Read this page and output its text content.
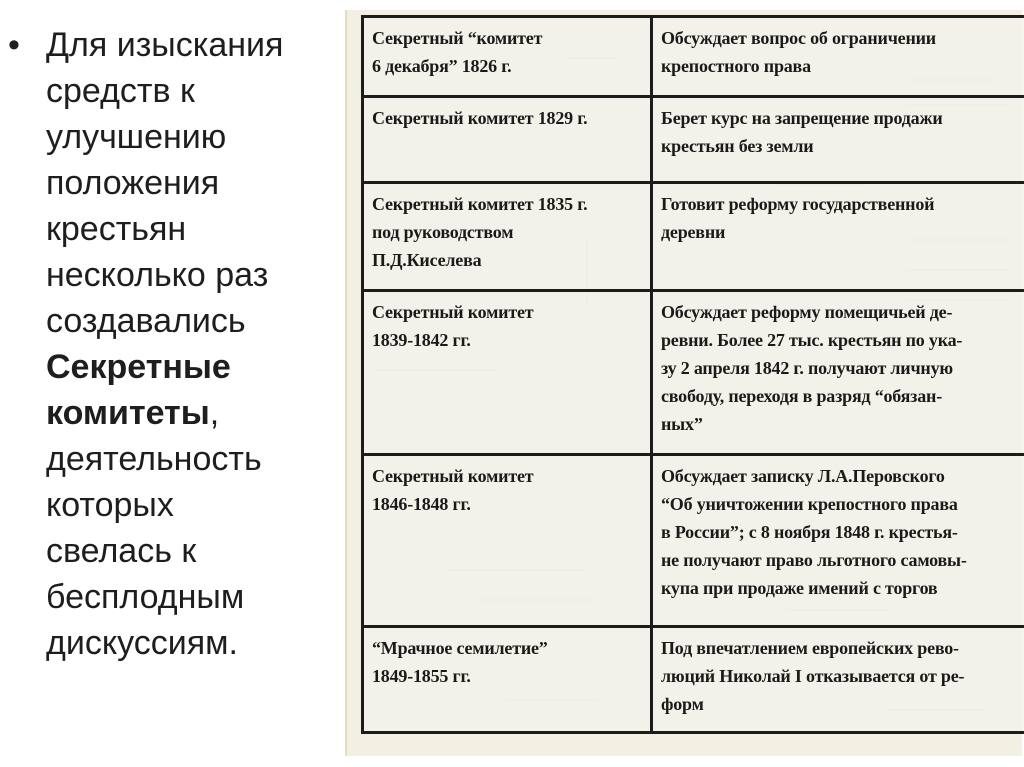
• Для изыскания
средств к
улучшению
положения
крестьян
несколько раз
создавались
Секретные
комитеты,
деятельность
которых
свелась к
бесплодным
дискуссиям.
Секретный “комитет
6 декабря” 1826 г.	Обсуждает вопрос об ограничении
крепостного права

Секретный комитет 1829 г.	Берет курс на запрещение продажи
крестьян без земли

Секретный комитет 1835 г.
под руководством
П.Д.Киселева	Готовит реформу государственной
деревни

Секретный комитет
1839-1842 гг.	Обсуждает реформу помещичьей де-
ревни. Более 27 тыс. крестьян по ука-
зу 2 апреля 1842 г. получают личную
свободу, переходя в разряд “обязан-
ных”

Секретный комитет
1846-1848 гг.	Обсуждает записку Л.А.Перовского
“Об уничтожении крепостного права
в России”; с 8 ноября 1848 г. крестья-
не получают право льготного самовы-
купа при продаже имений с торгов

“Мрачное семилетие”
1849-1855 гг.	Под впечатлением европейских рево-
люций Николай I отказывается от ре-
форм
